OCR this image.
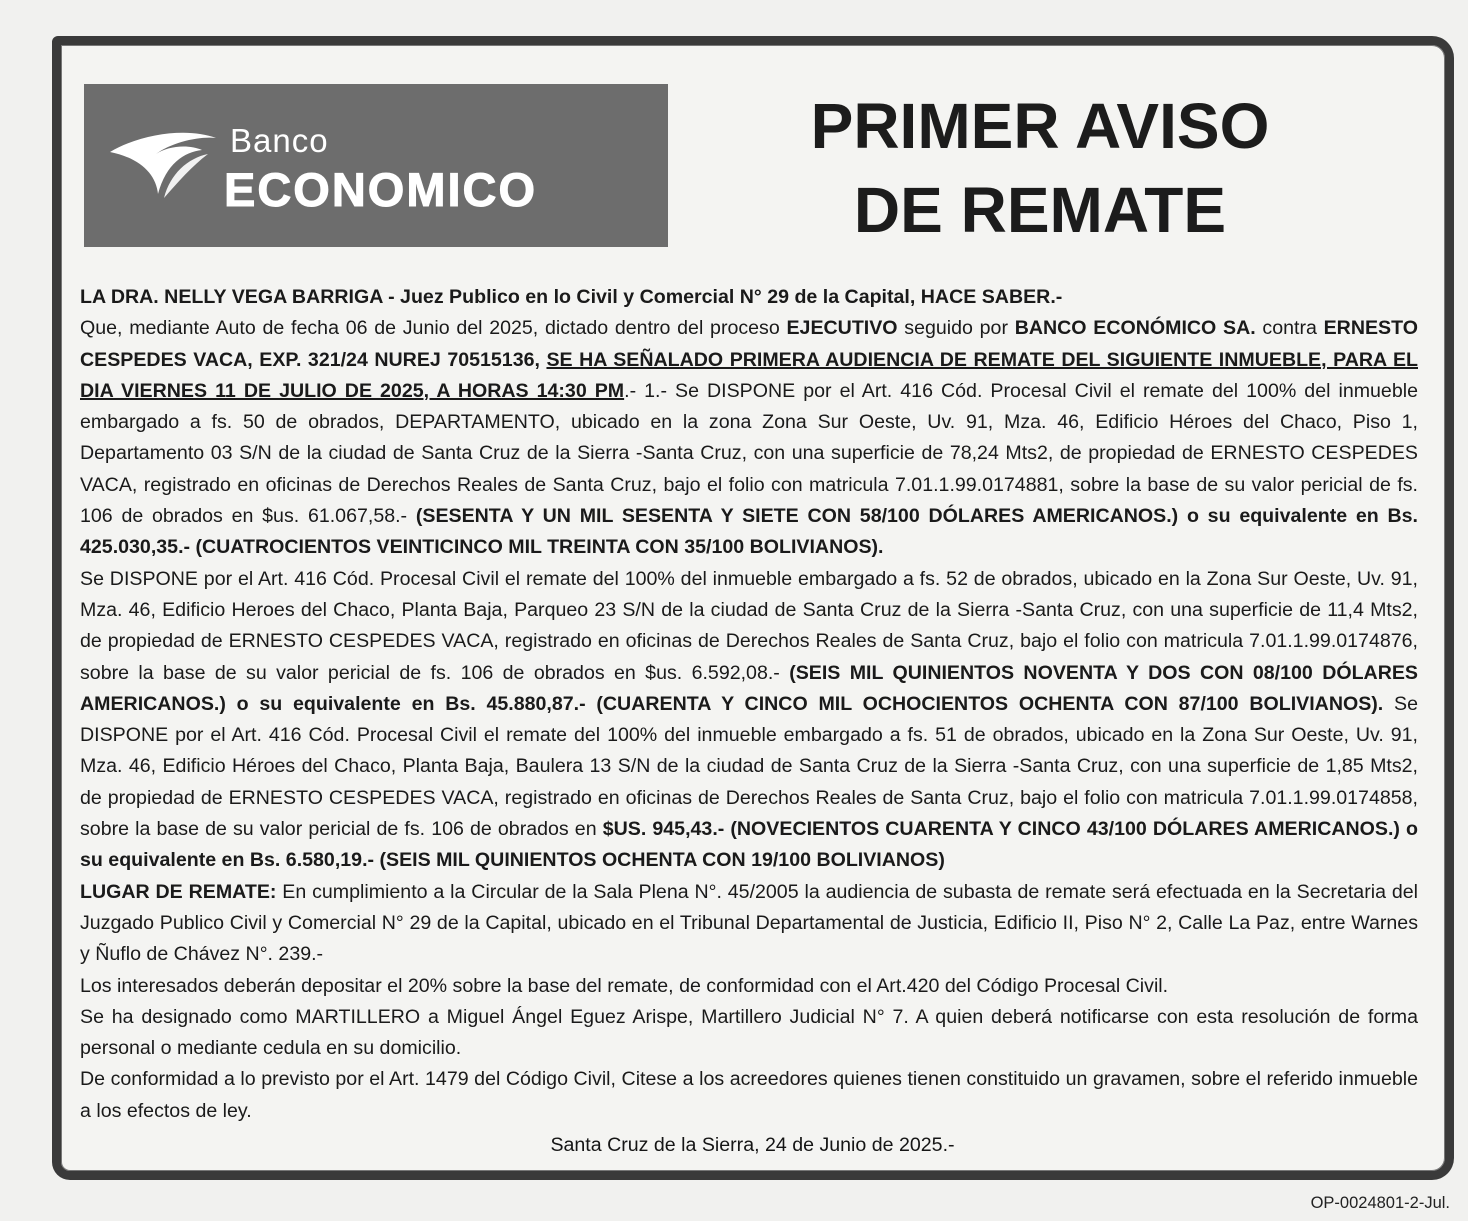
Banco
ECONOMICO
PRIMER AVISO
DE REMATE

LA DRA. NELLY VEGA BARRIGA - Juez Publico en lo Civil y Comercial N° 29 de la Capital, HACE SABER.-

Que, mediante Auto de fecha 06 de Junio del 2025, dictado dentro del proceso EJECUTIVO seguido por BANCO ECONÓMICO SA. contra ERNESTO CESPEDES VACA, EXP. 321/24 NUREJ 70515136, SE HA SEÑALADO PRIMERA AUDIENCIA DE REMATE DEL SIGUIENTE INMUEBLE, PARA EL DIA VIERNES 11 DE JULIO DE 2025, A HORAS 14:30 PM.- 1.- Se DISPONE por el Art. 416 Cód. Procesal Civil el remate del 100% del inmueble embargado a fs. 50 de obrados, DEPARTAMENTO, ubicado en la zona Zona Sur Oeste, Uv. 91, Mza. 46, Edificio Héroes del Chaco, Piso 1, Departamento 03 S/N de la ciudad de Santa Cruz de la Sierra -Santa Cruz, con una superficie de 78,24 Mts2, de propiedad de ERNESTO CESPEDES VACA, registrado en oficinas de Derechos Reales de Santa Cruz, bajo el folio con matricula 7.01.1.99.0174881, sobre la base de su valor pericial de fs. 106 de obrados en $us. 61.067,58.- (SESENTA Y UN MIL SESENTA Y SIETE CON 58/100 DÓLARES AMERICANOS.) o su equivalente en Bs. 425.030,35.- (CUATROCIENTOS VEINTICINCO MIL TREINTA CON 35/100 BOLIVIANOS).

Se DISPONE por el Art. 416 Cód. Procesal Civil el remate del 100% del inmueble embargado a fs. 52 de obrados, ubicado en la Zona Sur Oeste, Uv. 91, Mza. 46, Edificio Heroes del Chaco, Planta Baja, Parqueo 23 S/N de la ciudad de Santa Cruz de la Sierra -Santa Cruz, con una superficie de 11,4 Mts2, de propiedad de ERNESTO CESPEDES VACA, registrado en oficinas de Derechos Reales de Santa Cruz, bajo el folio con matricula 7.01.1.99.0174876, sobre la base de su valor pericial de fs. 106 de obrados en $us. 6.592,08.- (SEIS MIL QUINIENTOS NOVENTA Y DOS CON 08/100 DÓLARES AMERICANOS.) o su equivalente en Bs. 45.880,87.- (CUARENTA Y CINCO MIL OCHOCIENTOS OCHENTA CON 87/100 BOLIVIANOS). Se DISPONE por el Art. 416 Cód. Procesal Civil el remate del 100% del inmueble embargado a fs. 51 de obrados, ubicado en la Zona Sur Oeste, Uv. 91, Mza. 46, Edificio Héroes del Chaco, Planta Baja, Baulera 13 S/N de la ciudad de Santa Cruz de la Sierra -Santa Cruz, con una superficie de 1,85 Mts2, de propiedad de ERNESTO CESPEDES VACA, registrado en oficinas de Derechos Reales de Santa Cruz, bajo el folio con matricula 7.01.1.99.0174858, sobre la base de su valor pericial de fs. 106 de obrados en $US. 945,43.- (NOVECIENTOS CUARENTA Y CINCO 43/100 DÓLARES AMERICANOS.) o su equivalente en Bs. 6.580,19.- (SEIS MIL QUINIENTOS OCHENTA CON 19/100 BOLIVIANOS)

LUGAR DE REMATE: En cumplimiento a la Circular de la Sala Plena N°. 45/2005 la audiencia de subasta de remate será efectuada en la Secretaria del Juzgado Publico Civil y Comercial N° 29 de la Capital, ubicado en el Tribunal Departamental de Justicia, Edificio II, Piso N° 2, Calle La Paz, entre Warnes y Ñuflo de Chávez N°. 239.-

Los interesados deberán depositar el 20% sobre la base del remate, de conformidad con el Art.420 del Código Procesal Civil.

Se ha designado como MARTILLERO a Miguel Ángel Eguez Arispe, Martillero Judicial N° 7. A quien deberá notificarse con esta resolución de forma personal o mediante cedula en su domicilio.

De conformidad a lo previsto por el Art. 1479 del Código Civil, Citese a los acreedores quienes tienen constituido un gravamen, sobre el referido inmueble a los efectos de ley.

Santa Cruz de la Sierra, 24 de Junio de 2025.-
OP-0024801-2-Jul.
